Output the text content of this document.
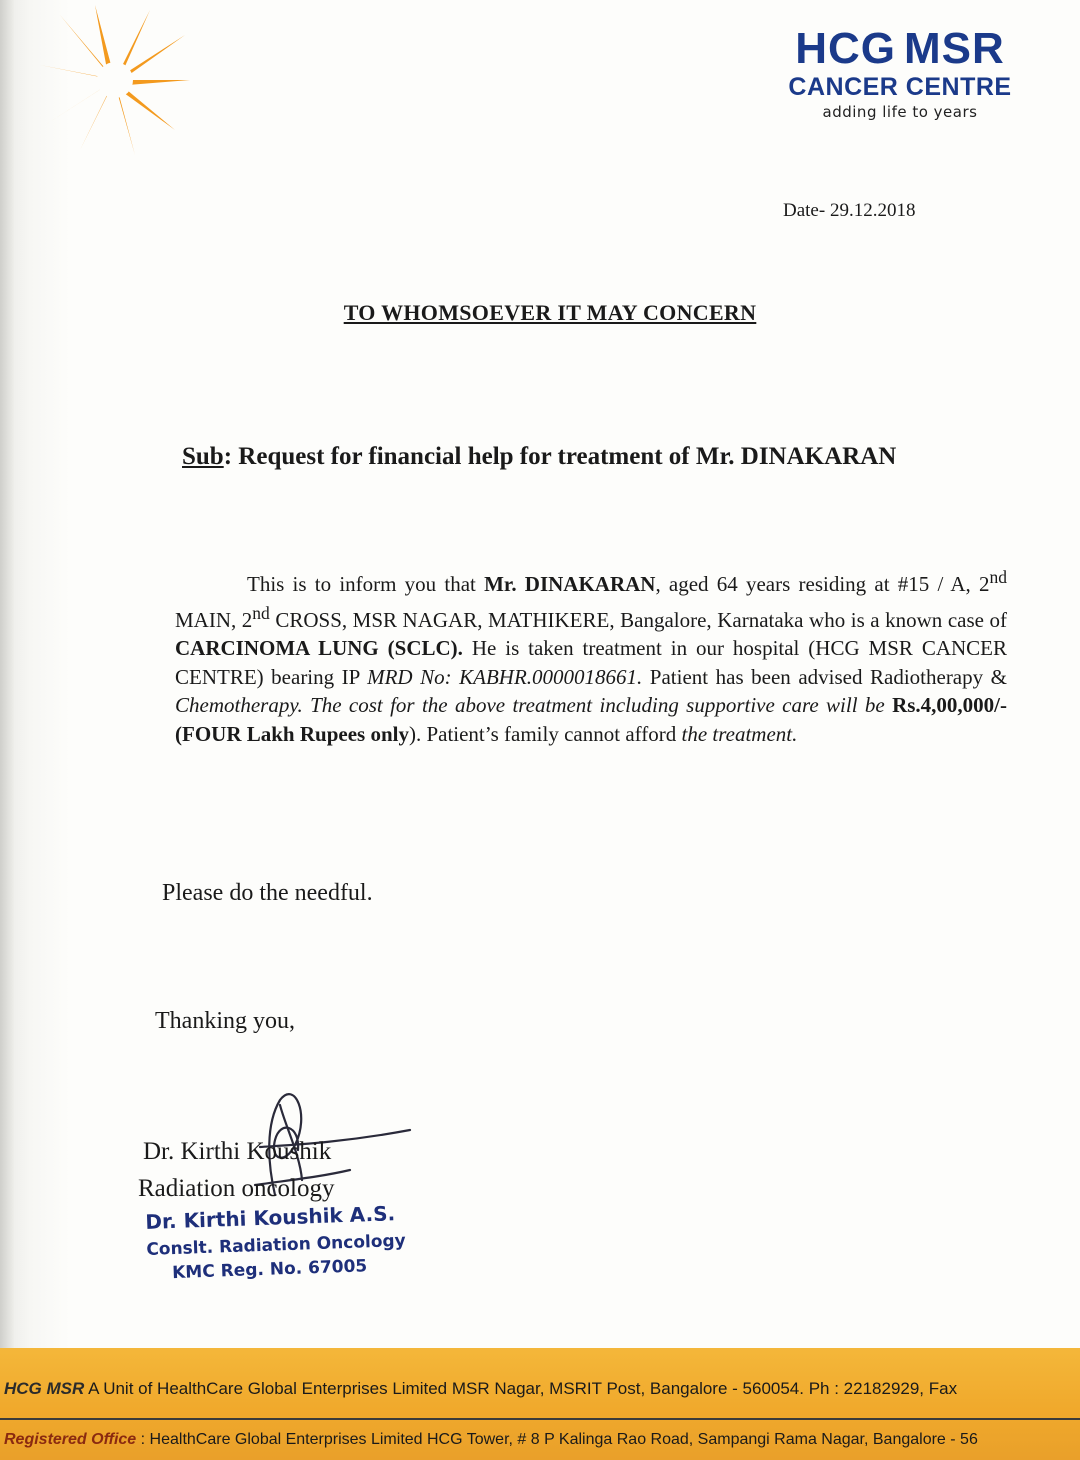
HCG MSR
CANCER CENTRE
adding life to years
Date- 29.12.2018
TO WHOMSOEVER IT MAY CONCERN
Sub: Request for financial help for treatment of Mr. DINAKARAN
This is to inform you that Mr. DINAKARAN, aged 64 years residing at #15 / A, 2nd MAIN, 2nd CROSS, MSR NAGAR, MATHIKERE, Bangalore, Karnataka who is a known case of CARCINOMA LUNG (SCLC). He is taken treatment in our hospital (HCG MSR CANCER CENTRE) bearing IP MRD No: KABHR.0000018661. Patient has been advised Radiotherapy & Chemotherapy. The cost for the above treatment including supportive care will be Rs.4,00,000/- (FOUR Lakh Rupees only). Patient’s family cannot afford the treatment.
Please do the needful.
Thanking you,
Dr. Kirthi Koushik
Radiation oncology
Dr. Kirthi Koushik A.S.
Conslt. Radiation Oncology
KMC Reg. No. 67005
HCG MSR A Unit of HealthCare Global Enterprises Limited MSR Nagar, MSRIT Post, Bangalore - 560054. Ph : 22182929, Fax
Registered Office : HealthCare Global Enterprises Limited HCG Tower, # 8 P Kalinga Rao Road, Sampangi Rama Nagar, Bangalore - 56
